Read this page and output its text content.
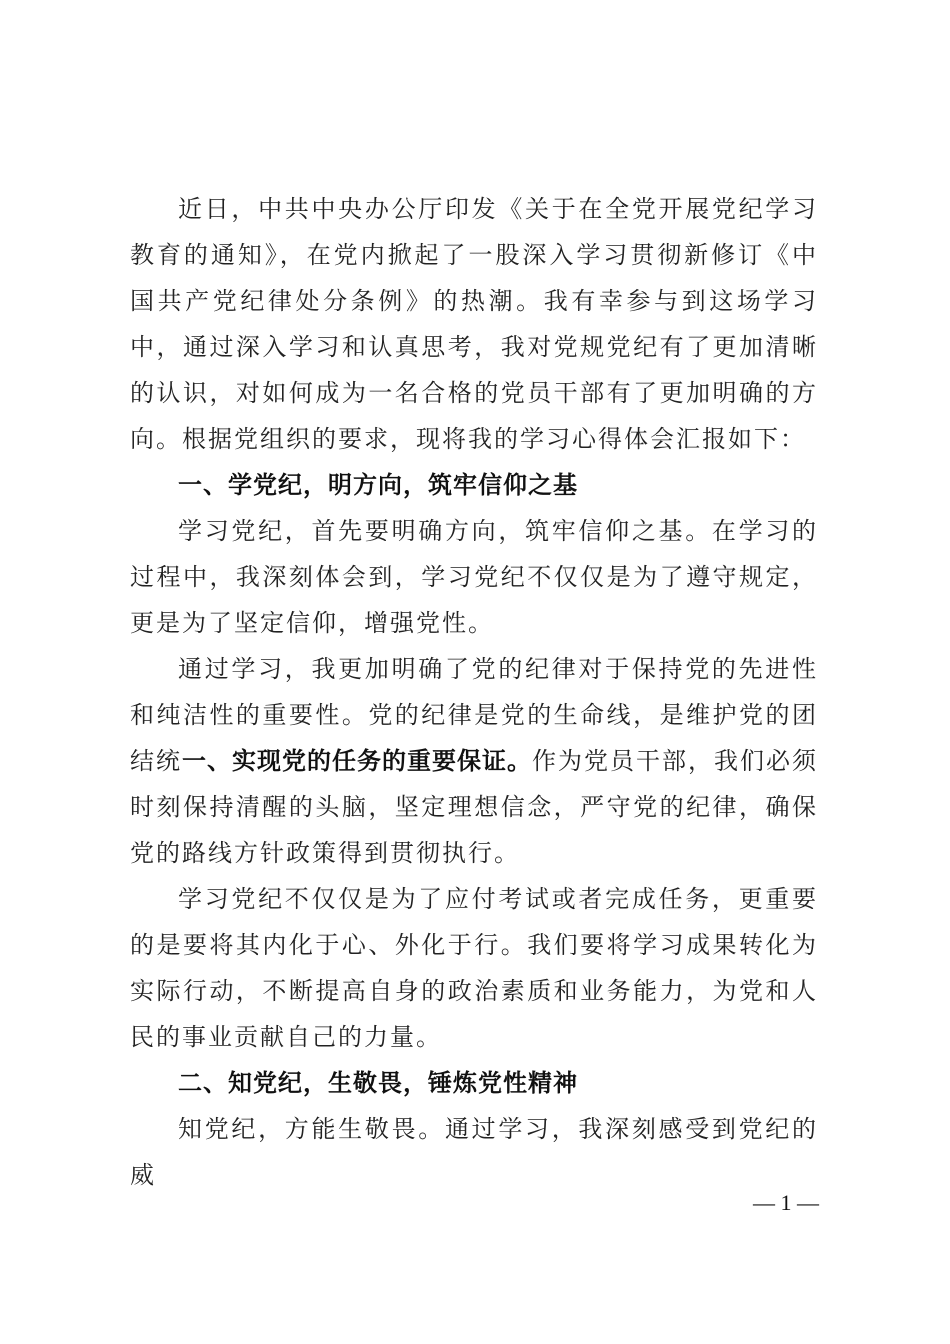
近日，中共中央办公厅印发《关于在全党开展党纪学习教育的通知》，在党内掀起了一股深入学习贯彻新修订《中国共产党纪律处分条例》的热潮。我有幸参与到这场学习中，通过深入学习和认真思考，我对党规党纪有了更加清晰的认识，对如何成为一名合格的党员干部有了更加明确的方向。根据党组织的要求，现将我的学习心得体会汇报如下：

一、学党纪，明方向，筑牢信仰之基

学习党纪，首先要明确方向，筑牢信仰之基。在学习的过程中，我深刻体会到，学习党纪不仅仅是为了遵守规定，更是为了坚定信仰，增强党性。

通过学习，我更加明确了党的纪律对于保持党的先进性和纯洁性的重要性。党的纪律是党的生命线，是维护党的团结统一、实现党的任务的重要保证。作为党员干部，我们必须时刻保持清醒的头脑，坚定理想信念，严守党的纪律，确保党的路线方针政策得到贯彻执行。

学习党纪不仅仅是为了应付考试或者完成任务，更重要的是要将其内化于心、外化于行。我们要将学习成果转化为实际行动，不断提高自身的政治素质和业务能力，为党和人民的事业贡献自己的力量。

二、知党纪，生敬畏，锤炼党性精神

知党纪，方能生敬畏。通过学习，我深刻感受到党纪的威

— 1 —
